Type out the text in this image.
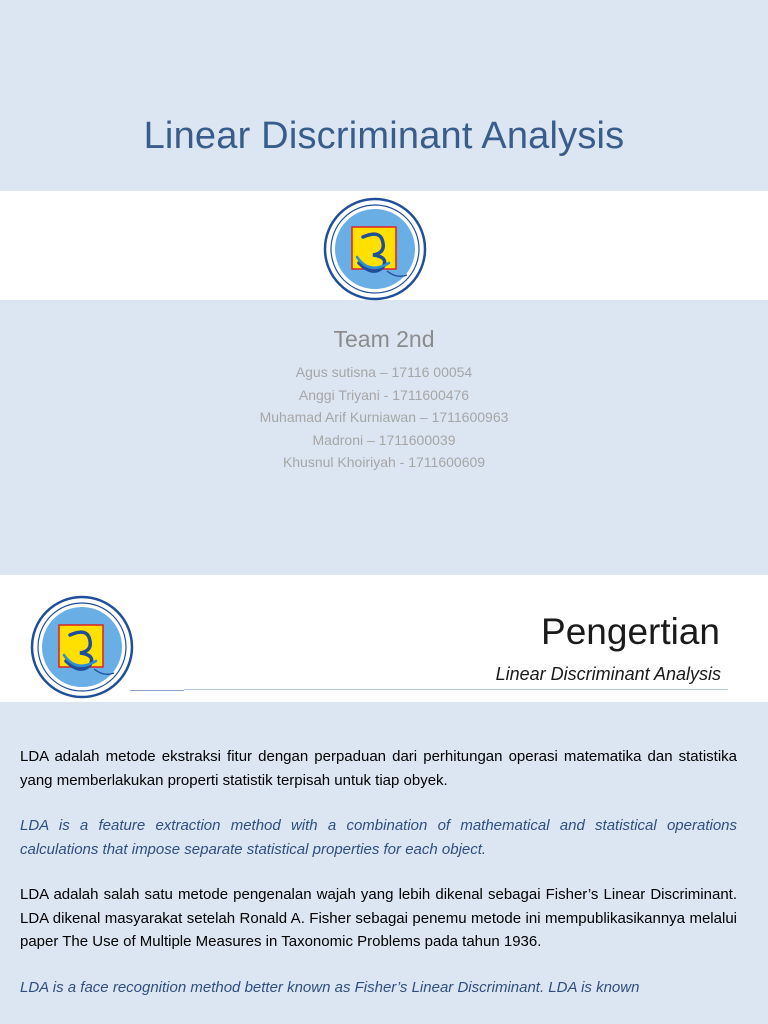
Linear Discriminant Analysis
Team 2nd
Agus sutisna – 17116 00054
Anggi Triyani - 1711600476
Muhamad Arif Kurniawan – 1711600963
Madroni – 1711600039
Khusnul Khoiriyah - 1711600609
Pengertian
Linear Discriminant Analysis

LDA adalah metode ekstraksi fitur dengan perpaduan dari perhitungan operasi matematika dan statistika yang memberlakukan properti statistik terpisah untuk tiap obyek.

LDA is a feature extraction method with a combination of mathematical and statistical operations calculations that impose separate statistical properties for each object.

LDA adalah salah satu metode pengenalan wajah yang lebih dikenal sebagai Fisher’s Linear Discriminant. LDA dikenal masyarakat setelah Ronald A. Fisher sebagai penemu metode ini mempublikasikannya melalui paper The Use of Multiple Measures in Taxonomic Problems pada tahun 1936.

LDA is a face recognition method better known as Fisher’s Linear Discriminant. LDA is known
